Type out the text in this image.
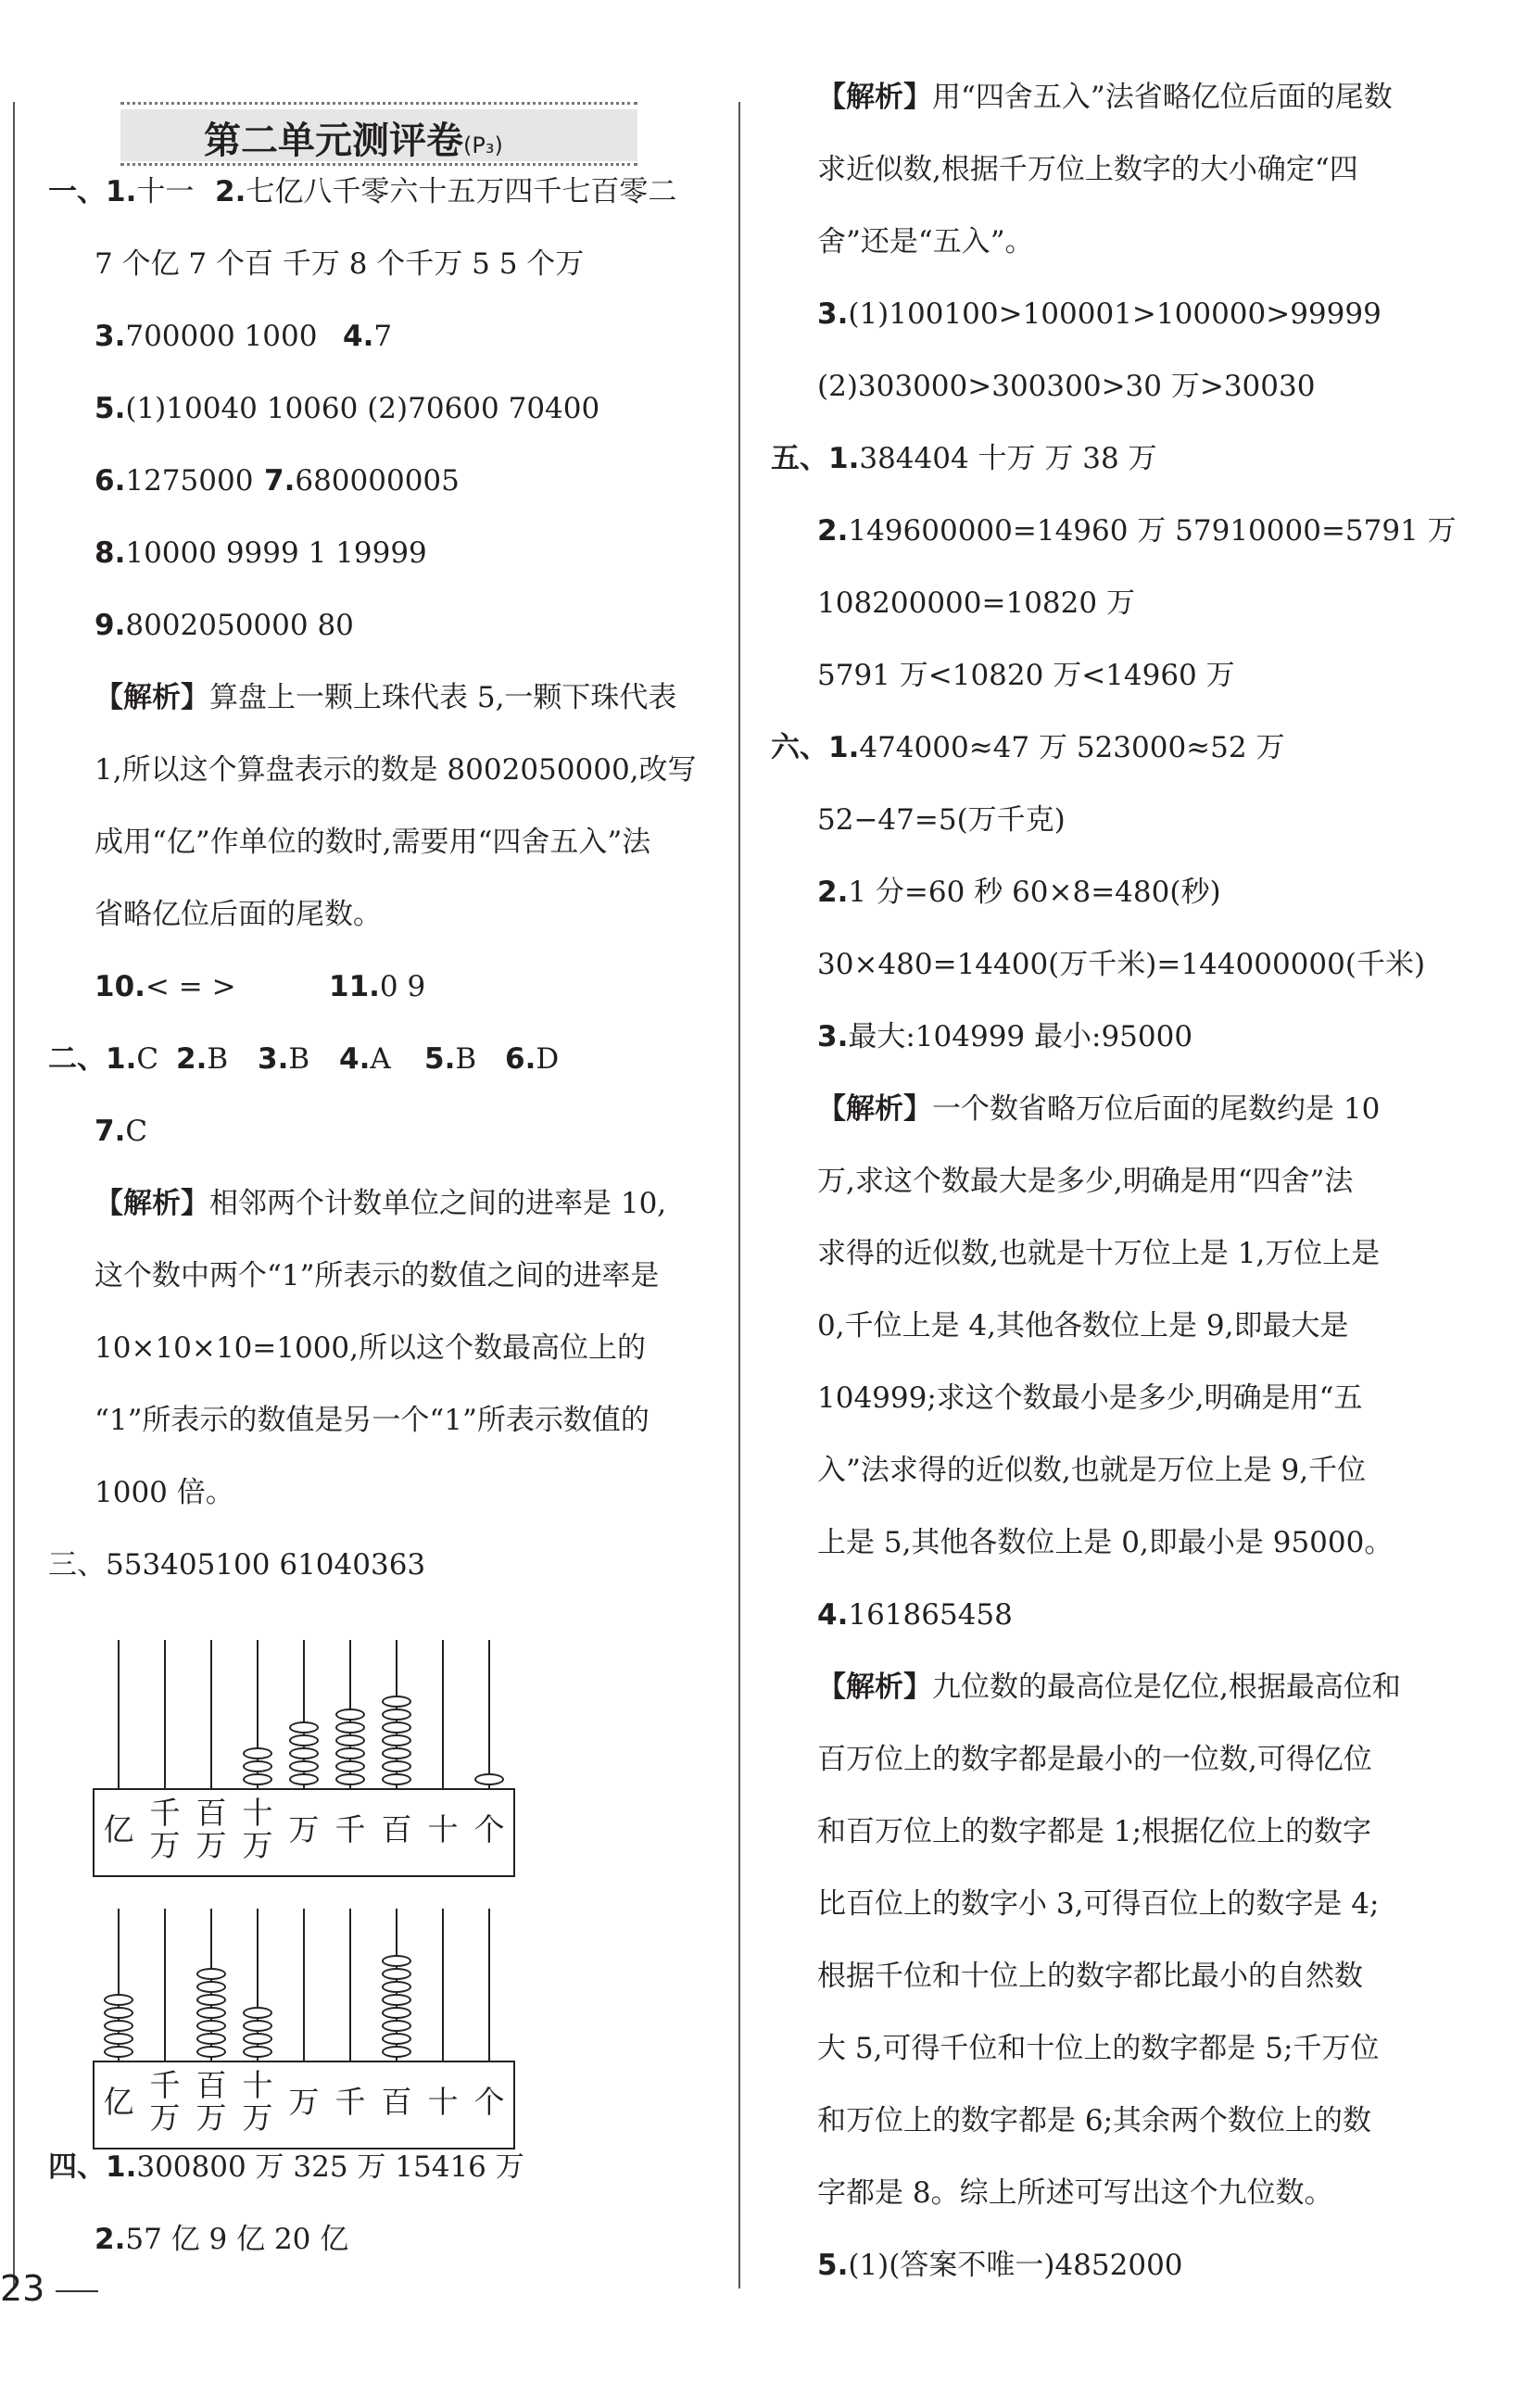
第二单元测评卷(P₃)
一、1.十一 2.七亿八千零六十五万四千七百零二
7 个亿 7 个百 千万 8 个千万 5 5 个万
3.700000 1000 4.7
5.(1)10040 10060 (2)70600 70400
6.1275000 7.680000005
8.10000 9999 1 19999
9.8002050000 80
【解析】算盘上一颗上珠代表 5,一颗下珠代表
1,所以这个算盘表示的数是 8002050000,改写
成用“亿”作单位的数时,需要用“四舍五入”法
省略亿位后面的尾数。
10.< = >	11.0 9
二、1.C 2.B 3.B 4.A 5.B 6.D
7.C
【解析】相邻两个计数单位之间的进率是 10,
这个数中两个“1”所表示的数值之间的进率是
10×10×10=1000,所以这个数最高位上的
“1”所表示的数值是另一个“1”所表示数值的
1000 倍。
三、553405100 61040363
四、1.300800 万 325 万 15416 万
2.57 亿 9 亿 20 亿
【解析】用“四舍五入”法省略亿位后面的尾数
求近似数,根据千万位上数字的大小确定“四
舍”还是“五入”。
3.(1)100100>100001>100000>99999
(2)303000>300300>30 万>30030
五、1.384404 十万 万 38 万
2.149600000=14960 万 57910000=5791 万
108200000=10820 万
5791 万<10820 万<14960 万
六、1.474000≈47 万 523000≈52 万
52−47=5(万千克)
2.1 分=60 秒 60×8=480(秒)
30×480=14400(万千米)=144000000(千米)
3.最大:104999 最小:95000
【解析】一个数省略万位后面的尾数约是 10
万,求这个数最大是多少,明确是用“四舍”法
求得的近似数,也就是十万位上是 1,万位上是
0,千位上是 4,其他各数位上是 9,即最大是
104999;求这个数最小是多少,明确是用“五
入”法求得的近似数,也就是万位上是 9,千位
上是 5,其他各数位上是 0,即最小是 95000。
4.161865458
【解析】九位数的最高位是亿位,根据最高位和
百万位上的数字都是最小的一位数,可得亿位
和百万位上的数字都是 1;根据亿位上的数字
比百位上的数字小 3,可得百位上的数字是 4;
根据千位和十位上的数字都比最小的自然数
大 5,可得千位和十位上的数字都是 5;千万位
和万位上的数字都是 6;其余两个数位上的数
字都是 8。综上所述可写出这个九位数。
5.(1)(答案不唯一)4852000
亿 千万
百万
十万 万 千 百 十 个
亿 千万
百万
十万 万 千 百 十 个
23
